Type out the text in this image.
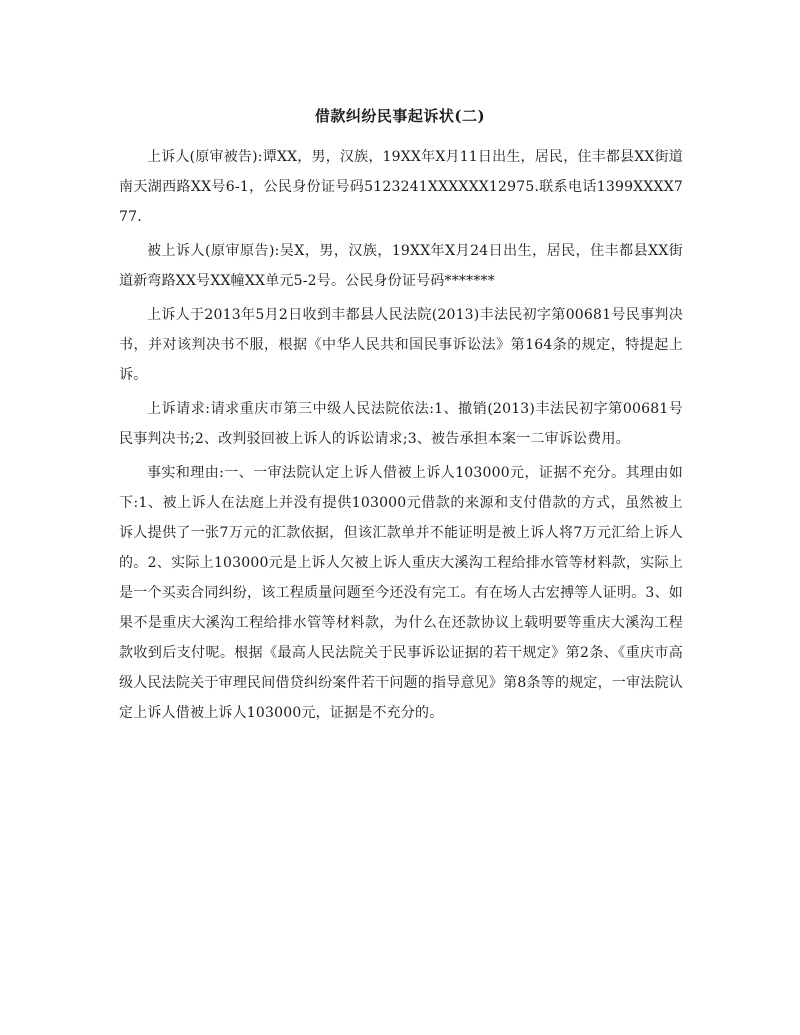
借款纠纷民事起诉状(二)

上诉人(原审被告):谭XX，男，汉族，19XX年X月11日出生，居民，住丰都县XX街道南天湖西路XX号6-1，公民身份证号码5123241XXXXXX12975.联系电话1399XXXX777.

被上诉人(原审原告):吴X，男，汉族，19XX年X月24日出生，居民，住丰都县XX街道新弯路XX号XX幢XX单元5-2号。公民身份证号码*******

上诉人于2013年5月2日收到丰都县人民法院(2013)丰法民初字第00681号民事判决书，并对该判决书不服，根据《中华人民共和国民事诉讼法》第164条的规定，特提起上诉。

上诉请求:请求重庆市第三中级人民法院依法:1、撤销(2013)丰法民初字第00681号民事判决书;2、改判驳回被上诉人的诉讼请求;3、被告承担本案一二审诉讼费用。

事实和理由:一、一审法院认定上诉人借被上诉人103000元，证据不充分。其理由如下:1、被上诉人在法庭上并没有提供103000元借款的来源和支付借款的方式，虽然被上诉人提供了一张7万元的汇款依据，但该汇款单并不能证明是被上诉人将7万元汇给上诉人的。2、实际上103000元是上诉人欠被上诉人重庆大溪沟工程给排水管等材料款，实际上是一个买卖合同纠纷，该工程质量问题至今还没有完工。有在场人古宏搏等人证明。3、如果不是重庆大溪沟工程给排水管等材料款，为什么在还款协议上载明要等重庆大溪沟工程款收到后支付呢。根据《最高人民法院关于民事诉讼证据的若干规定》第2条、《重庆市高级人民法院关于审理民间借贷纠纷案件若干问题的指导意见》第8条等的规定，一审法院认定上诉人借被上诉人103000元，证据是不充分的。
